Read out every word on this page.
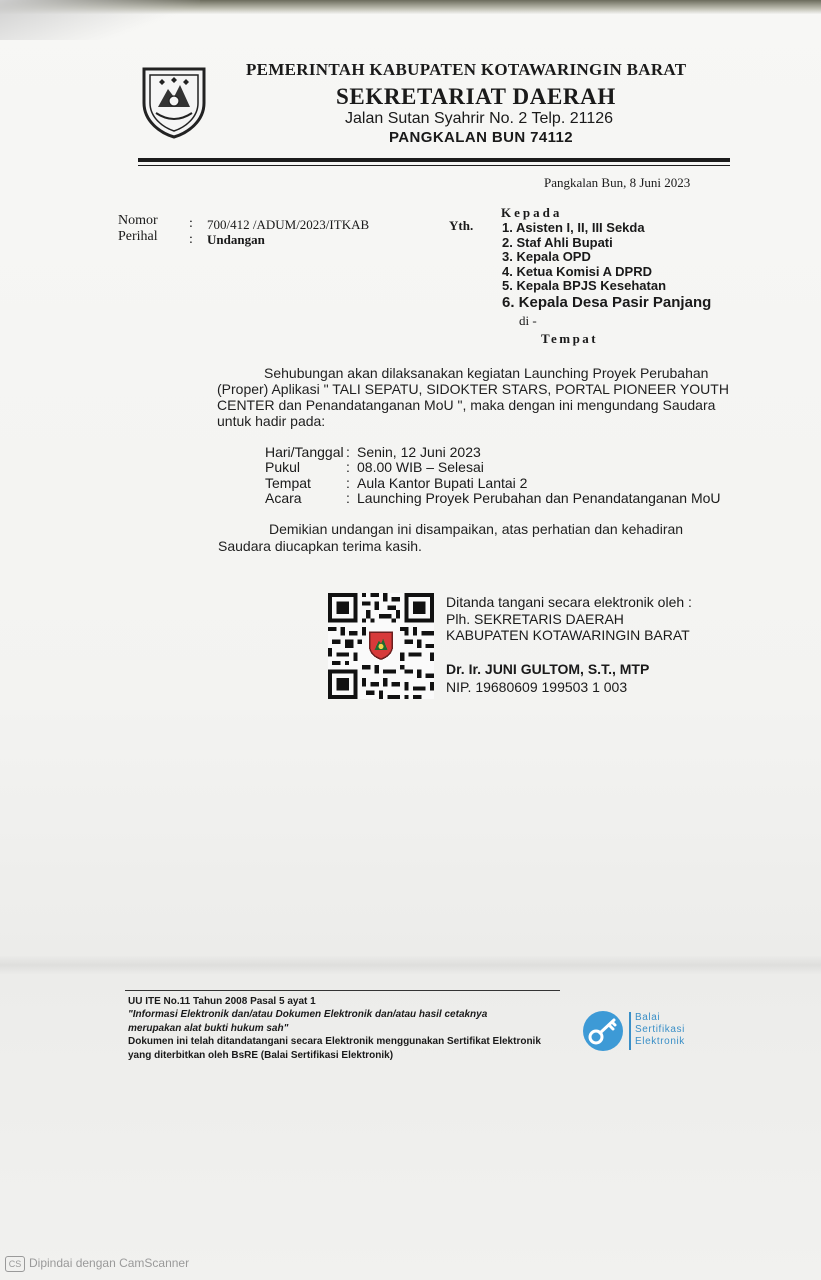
PEMERINTAH KABUPATEN KOTAWARINGIN BARAT
SEKRETARIAT DAERAH
Jalan Sutan Syahrir No. 2 Telp. 21126
PANGKALAN BUN 74112
Pangkalan Bun, 8 Juni 2023
Nomor
Perihal
:
:
700/412 /ADUM/2023/ITKAB
Undangan
Yth.
Kepada
1. Asisten I, II, III Sekda
2. Staf Ahli Bupati
3. Kepala OPD
4. Ketua Komisi A DPRD
5. Kepala BPJS Kesehatan
6. Kepala Desa Pasir Panjang
di -
Tempat
Sehubungan akan dilaksanakan kegiatan Launching Proyek Perubahan
(Proper) Aplikasi " TALI SEPATU, SIDOKTER STARS, PORTAL PIONEER YOUTH
CENTER dan Penandatanganan MoU ", maka dengan ini mengundang Saudara
untuk hadir pada:
Hari/Tanggal
Pukul
Tempat
Acara
:
:
:
:
Senin, 12 Juni 2023
08.00 WIB – Selesai
Aula Kantor Bupati Lantai 2
Launching Proyek Perubahan dan Penandatanganan MoU
Demikian undangan ini disampaikan, atas perhatian dan kehadiran
Saudara diucapkan terima kasih.
Ditanda tangani secara elektronik oleh :
Plh. SEKRETARIS DAERAH
KABUPATEN KOTAWARINGIN BARAT
Dr. Ir. JUNI GULTOM, S.T., MTP
NIP. 19680609 199503 1 003
UU ITE No.11 Tahun 2008 Pasal 5 ayat 1
"Informasi Elektronik dan/atau Dokumen Elektronik dan/atau hasil cetaknya
merupakan alat bukti hukum sah"
Dokumen ini telah ditandatangani secara Elektronik menggunakan Sertifikat Elektronik
yang diterbitkan oleh BsRE (Balai Sertifikasi Elektronik)
Balai
Sertifikasi
Elektronik
CS Dipindai dengan CamScanner
